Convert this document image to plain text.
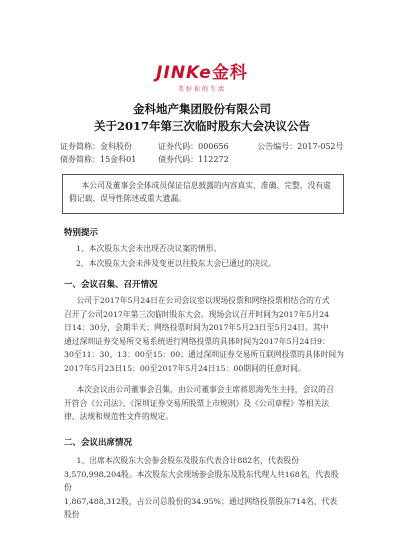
JINKe金科
美好你的生活
金科地产集团股份有限公司
关于2017年第三次临时股东大会决议公告
证券简称：金科股份	证券代码：000656	公告编号：2017-052号
债券简称：15金科01	债券代码：112272
本公司及董事会全体成员保证信息披露的内容真实、准确、完整，没有虚假记载、误导性陈述或重大遗漏。
特别提示
1、本次股东大会未出现否决议案的情形。
2、本次股东大会未涉及变更以往股东大会已通过的决议。
一、会议召集、召开情况
公司于2017年5月24日在公司会议室以现场投票和网络投票相结合的方式
召开了公司2017年第三次临时股东大会。现场会议召开时间为2017年5月24
日14：30分，会期半天；网络投票时间为2017年5月23日至5月24日。其中
通过深圳证券交易所交易系统进行网络投票的具体时间为2017年5月24日9：
30至11：30、13：00至15：00；通过深圳证券交易所互联网投票的具体时间为
2017年5月23日15：00至2017年5月24日15：00期间的任意时间。
本次会议由公司董事会召集，由公司董事会主席蒋思海先生主持，会议的召
开符合《公司法》、《深圳证券交易所股票上市规则》及《公司章程》等相关法
律、法规和规范性文件的规定。
二、会议出席情况
1、出席本次股东大会参会股东及股东代表合计882名，代表股份
3,570,998,204股。本次股东大会现场参会股东及股东代理人共168名，代表股份
1,867,488,312股，占公司总股份的34.95%；通过网络投票股东714名，代表股份
